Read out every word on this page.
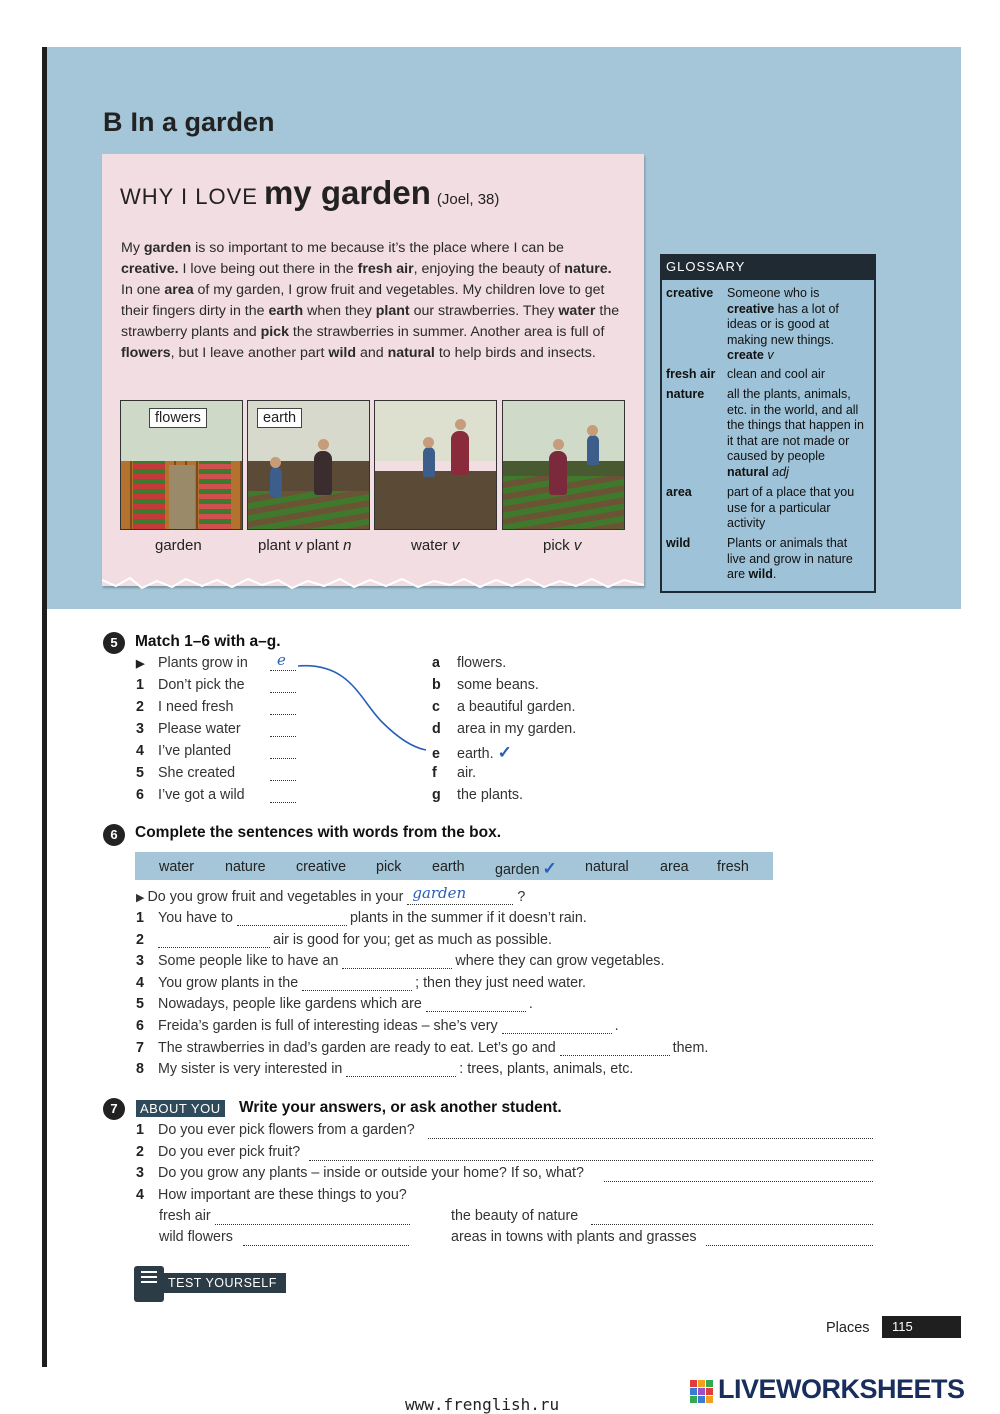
B In a garden
WHY I LOVE my garden (Joel, 38)
My garden is so important to me because it’s the place where I can be creative. I love being out there in the fresh air, enjoying the beauty of nature. In one area of my garden, I grow fruit and vegetables. My children love to get their fingers dirty in the earth when they plant our strawberries. They water the strawberry plants and pick the strawberries in summer. Another area is full of flowers, but I leave another part wild and natural to help birds and insects.
flowers	earth
garden	plant v plant n	water v	pick v
GLOSSARY
creative Someone who is creative has a lot of ideas or is good at making new things. create v
fresh air clean and cool air
nature all the plants, animals, etc. in the world, and all the things that happen in it that are not made or caused by people natural adj
area	part of a place that you use for a particular activity
wild	Plants or animals that live and grow in nature are wild.
5	Match 1–6 with a–g.
▶ Plants grow in e
1 Don’t pick the
2 I need fresh
3 Please water
4 I’ve planted
5 She created
6 I’ve got a wild
a flowers.
b some beans.
c a beautiful garden.
d area in my garden.
e earth. ✓
f air.
g the plants.
6	Complete the sentences with words from the box.
water nature creative pick earth garden ✓ natural area fresh
▶ Do you grow fruit and vegetables in your garden	?
1 You have to	plants in the summer if it doesn’t rain.
2	air is good for you; get as much as possible.
3 Some people like to have an	where they can grow vegetables.
4 You grow plants in the	; then they just need water.
5 Nowadays, people like gardens which are	.
6 Freida’s garden is full of interesting ideas – she’s very	.
7 The strawberries in dad’s garden are ready to eat. Let’s go and	them.
8 My sister is very interested in	: trees, plants, animals, etc.
7	ABOUT YOU Write your answers, or ask another student.
1 Do you ever pick flowers from a garden?
2 Do you ever pick fruit?
3 Do you grow any plants – inside or outside your home? If so, what?
4 How important are these things to you?
fresh air	the beauty of nature
wild flowers	areas in towns with plants and grasses
TEST YOURSELF
Places	115
www.frenglish.ru
LIVEWORKSHEETS
